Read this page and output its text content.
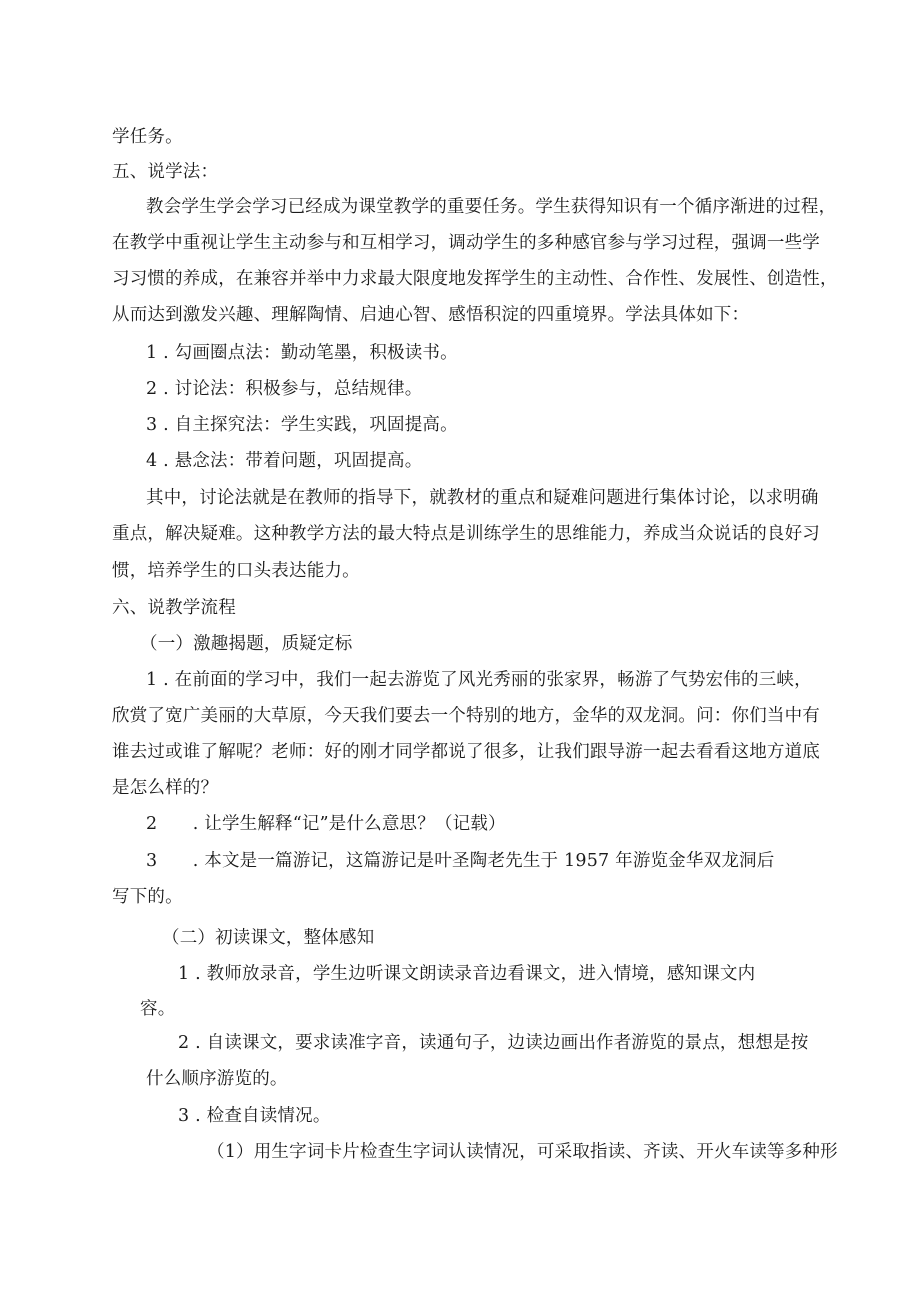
学任务。
五、说学法：
教会学生学会学习已经成为课堂教学的重要任务。学生获得知识有一个循序渐进的过程，
在教学中重视让学生主动参与和互相学习，调动学生的多种感官参与学习过程，强调一些学
习习惯的养成，在兼容并举中力求最大限度地发挥学生的主动性、合作性、发展性、创造性，
从而达到激发兴趣、理解陶情、启迪心智、感悟积淀的四重境界。学法具体如下：
1 . 勾画圈点法：勤动笔墨，积极读书。
2 . 讨论法：积极参与，总结规律。
3 . 自主探究法：学生实践，巩固提高。
4 . 悬念法：带着问题，巩固提高。
其中，讨论法就是在教师的指导下，就教材的重点和疑难问题进行集体讨论，以求明确
重点，解决疑难。这种教学方法的最大特点是训练学生的思维能力，养成当众说话的良好习
惯，培养学生的口头表达能力。
六、说教学流程
（一）激趣揭题，质疑定标
1 . 在前面的学习中，我们一起去游览了风光秀丽的张家界，畅游了气势宏伟的三峡，
欣赏了宽广美丽的大草原，今天我们要去一个特别的地方，金华的双龙洞。问：你们当中有
谁去过或谁了解呢？老师：好的刚才同学都说了很多，让我们跟导游一起去看看这地方道底
是怎么样的？
2　　. 让学生解释“记”是什么意思？（记载）
3　　. 本文是一篇游记，这篇游记是叶圣陶老先生于 1957 年游览金华双龙洞后
写下的。
（二）初读课文，整体感知
1 . 教师放录音，学生边听课文朗读录音边看课文，进入情境，感知课文内
容。
2 . 自读课文，要求读准字音，读通句子，边读边画出作者游览的景点，想想是按
什么顺序游览的。
3 . 检查自读情况。
（1）用生字词卡片检查生字词认读情况，可采取指读、齐读、开火车读等多种形
